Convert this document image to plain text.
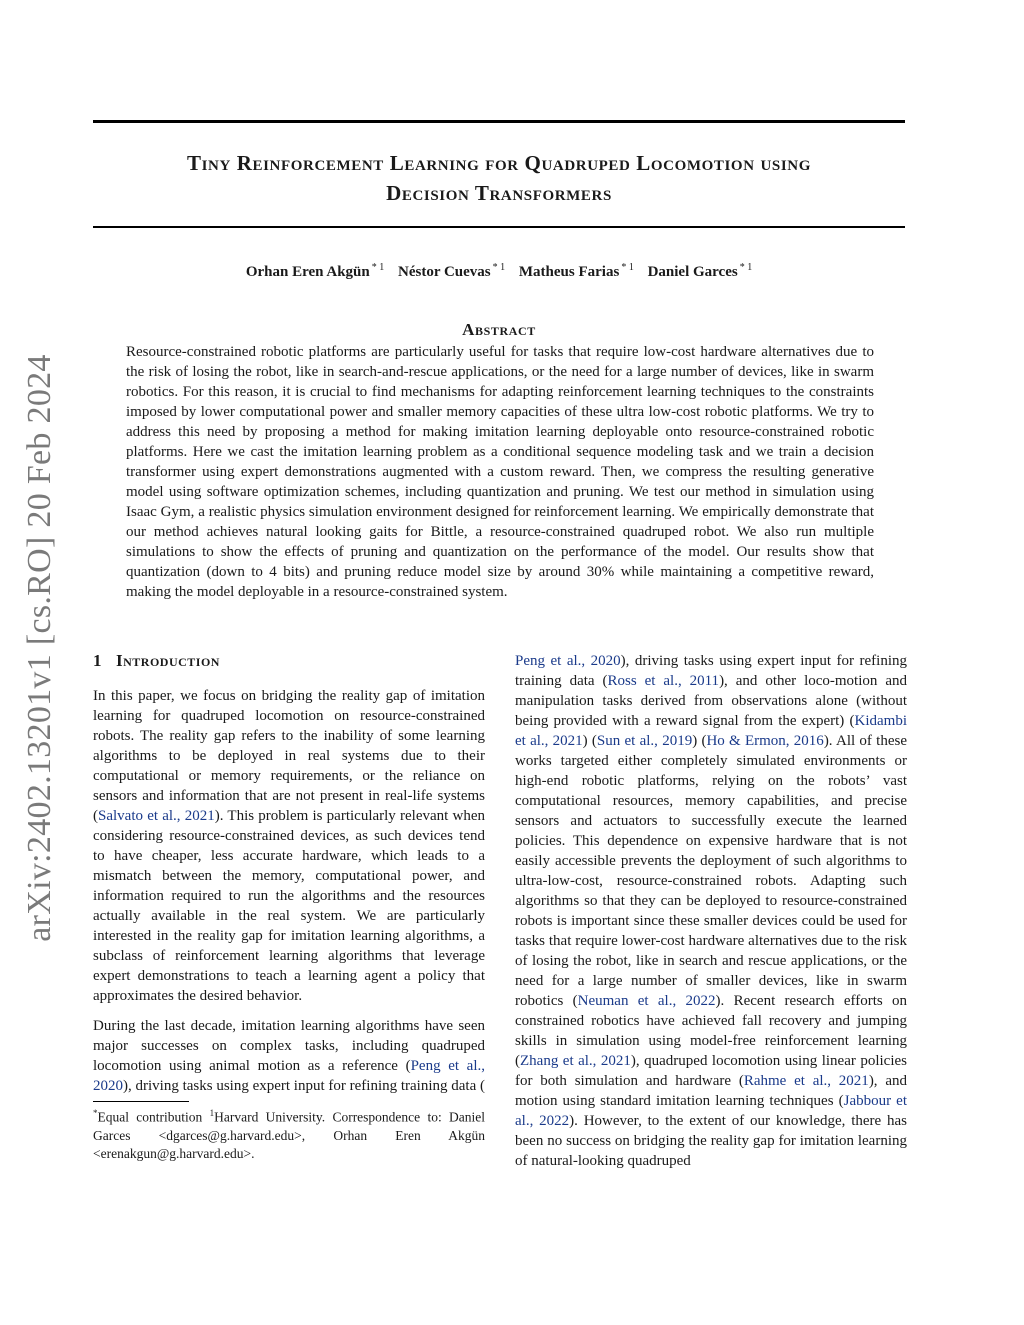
arXiv:2402.13201v1 [cs.RO] 20 Feb 2024
Tiny Reinforcement Learning for Quadruped Locomotion using
Decision Transformers
Orhan Eren Akgün $^{* 1}$ Néstor Cuevas $^{* 1}$ Matheus Farias $^{* 1}$ Daniel Garces $^{* 1}$
Abstract
Resource-constrained robotic platforms are particularly useful for tasks that require low-cost hardware alternatives due to the risk of losing the robot, like in search-and-rescue applications, or the need for a large number of devices, like in swarm robotics. For this reason, it is crucial to find mechanisms for adapting reinforcement learning techniques to the constraints imposed by lower computational power and smaller memory capacities of these ultra low-cost robotic platforms. We try to address this need by proposing a method for making imitation learning deployable onto resource-constrained robotic platforms. Here we cast the imitation learning problem as a conditional sequence modeling task and we train a decision transformer using expert demonstrations augmented with a custom reward. Then, we compress the resulting generative model using software optimization schemes, including quantization and pruning. We test our method in simulation using Isaac Gym, a realistic physics simulation environment designed for reinforcement learning. We empirically demonstrate that our method achieves natural looking gaits for Bittle, a resource-constrained quadruped robot. We also run multiple simulations to show the effects of pruning and quantization on the performance of the model. Our results show that quantization (down to 4 bits) and pruning reduce model size by around 30% while maintaining a competitive reward, making the model deployable in a resource-constrained system.
1 Introduction

In this paper, we focus on bridging the reality gap of imitation learning for quadruped locomotion on resource-constrained robots. The reality gap refers to the inability of some learning algorithms to be deployed in real systems due to their computational or memory requirements, or the reliance on sensors and information that are not present in real-life systems (Salvato et al., 2021). This problem is particularly relevant when considering resource-constrained devices, as such devices tend to have cheaper, less accurate hardware, which leads to a mismatch between the memory, computational power, and information required to run the algorithms and the resources actually available in the real system. We are particularly interested in the reality gap for imitation learning algorithms, a subclass of reinforcement learning algorithms that leverage expert demonstrations to teach a learning agent a policy that approximates the desired behavior.

During the last decade, imitation learning algorithms have seen major successes on complex tasks, including quadruped locomotion using animal motion as a reference (Peng et al., 2020), driving tasks using expert input for refining training data (

*Equal contribution $^1$Harvard University. Correspondence to: Daniel Garces <dgarces@g.harvard.edu>, Orhan Eren Akgün <erenakgun@g.harvard.edu>.

Peng et al., 2020), driving tasks using expert input for refining training data (Ross et al., 2011), and other loco-motion and manipulation tasks derived from observations alone (without being provided with a reward signal from the expert) (Kidambi et al., 2021) (Sun et al., 2019) (Ho & Ermon, 2016). All of these works targeted either completely simulated environments or high-end robotic platforms, relying on the robots’ vast computational resources, memory capabilities, and precise sensors and actuators to successfully execute the learned policies. This dependence on expensive hardware that is not easily accessible prevents the deployment of such algorithms to ultra-low-cost, resource-constrained robots. Adapting such algorithms so that they can be deployed to resource-constrained robots is important since these smaller devices could be used for tasks that require lower-cost hardware alternatives due to the risk of losing the robot, like in search and rescue applications, or the need for a large number of smaller devices, like in swarm robotics (Neuman et al., 2022). Recent research efforts on constrained robotics have achieved fall recovery and jumping skills in simulation using model-free reinforcement learning (Zhang et al., 2021), quadruped locomotion using linear policies for both simulation and hardware (Rahme et al., 2021), and motion using standard imitation learning techniques (Jabbour et al., 2022). However, to the extent of our knowledge, there has been no success on bridging the reality gap for imitation learning of natural-looking quadruped
